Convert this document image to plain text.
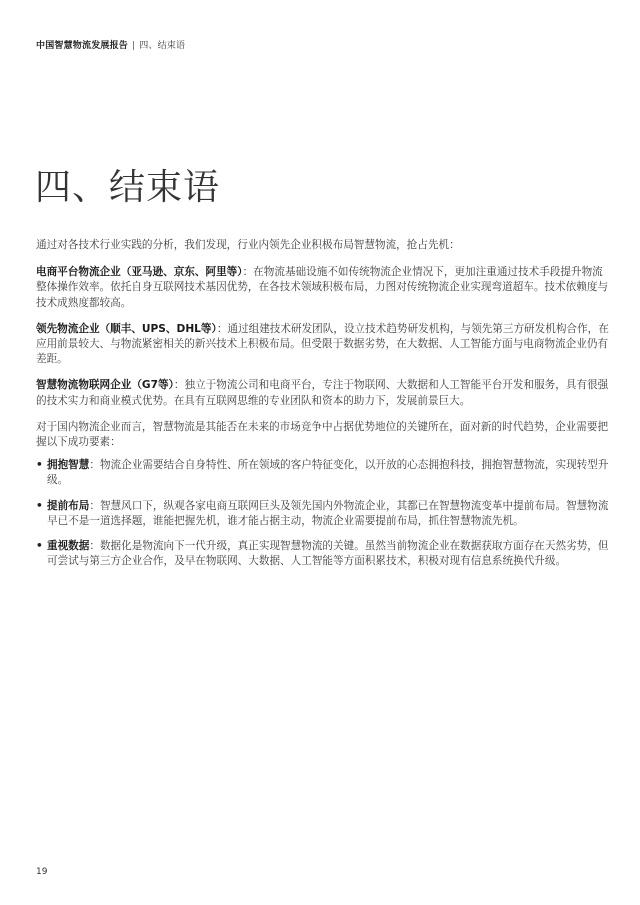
中国智慧物流发展报告 | 四、结束语
四、结束语

通过对各技术行业实践的分析，我们发现，行业内领先企业积极布局智慧物流，抢占先机：

电商平台物流企业（亚马逊、京东、阿里等）：在物流基础设施不如传统物流企业情况下，更加注重通过技术手段提升物流整体操作效率。依托自身互联网技术基因优势，在各技术领域积极布局，力图对传统物流企业实现弯道超车。技术依赖度与技术成熟度都较高。

领先物流企业（顺丰、UPS、DHL等）：通过组建技术研发团队，设立技术趋势研发机构，与领先第三方研发机构合作，在应用前景较大、与物流紧密相关的新兴技术上积极布局。但受限于数据劣势，在大数据、人工智能方面与电商物流企业仍有差距。

智慧物流物联网企业（G7等）：独立于物流公司和电商平台，专注于物联网、大数据和人工智能平台开发和服务，具有很强的技术实力和商业模式优势。在具有互联网思维的专业团队和资本的助力下，发展前景巨大。

对于国内物流企业而言，智慧物流是其能否在未来的市场竞争中占据优势地位的关键所在，面对新的时代趋势，企业需要把握以下成功要素：

• 拥抱智慧：物流企业需要结合自身特性、所在领域的客户特征变化，以开放的心态拥抱科技，拥抱智慧物流，实现转型升级。
• 提前布局：智慧风口下，纵观各家电商互联网巨头及领先国内外物流企业，其都已在智慧物流变革中提前布局。智慧物流早已不是一道选择题，谁能把握先机，谁才能占据主动，物流企业需要提前布局，抓住智慧物流先机。
• 重视数据：数据化是物流向下一代升级，真正实现智慧物流的关键。虽然当前物流企业在数据获取方面存在天然劣势，但可尝试与第三方企业合作，及早在物联网、大数据、人工智能等方面积累技术，积极对现有信息系统换代升级。
19
